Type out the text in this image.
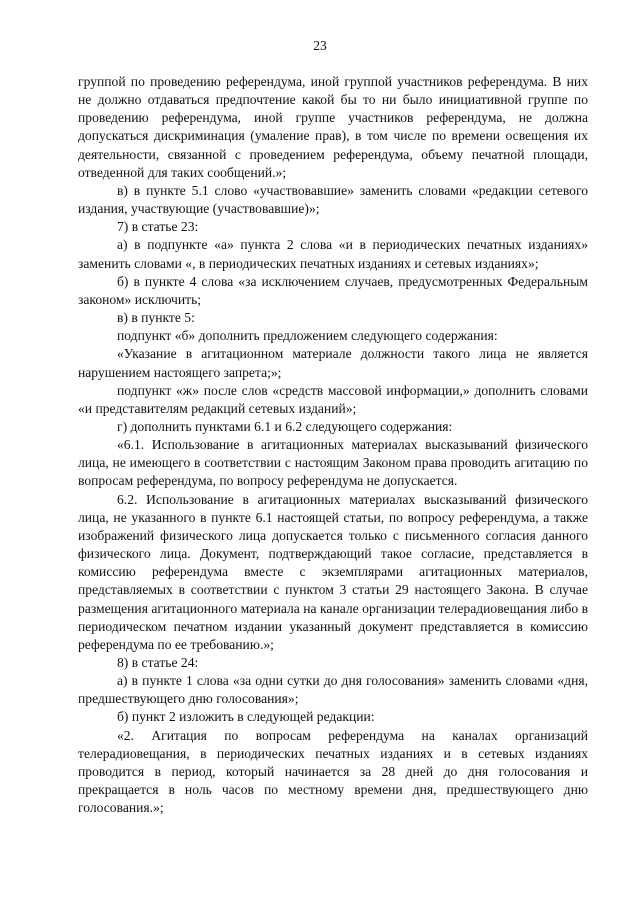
23

группой по проведению референдума, иной группой участников референдума. В них не должно отдаваться предпочтение какой бы то ни было инициативной группе по проведению референдума, иной группе участников референдума, не должна допускаться дискриминация (умаление прав), в том числе по времени освещения их деятельности, связанной с проведением референдума, объему печатной площади, отведенной для таких сообщений.»;

в) в пункте 5.1 слово «участвовавшие» заменить словами «редакции сетевого издания, участвующие (участвовавшие)»;

7) в статье 23:

а) в подпункте «а» пункта 2 слова «и в периодических печатных изданиях» заменить словами «, в периодических печатных изданиях и сетевых изданиях»;

б) в пункте 4 слова «за исключением случаев, предусмотренных Федеральным законом» исключить;

в) в пункте 5:

подпункт «б» дополнить предложением следующего содержания:

«Указание в агитационном материале должности такого лица не является нарушением настоящего запрета;»;

подпункт «ж» после слов «средств массовой информации,» дополнить словами «и представителям редакций сетевых изданий»;

г) дополнить пунктами 6.1 и 6.2 следующего содержания:

«6.1. Использование в агитационных материалах высказываний физического лица, не имеющего в соответствии с настоящим Законом права проводить агитацию по вопросам референдума, по вопросу референдума не допускается.

6.2. Использование в агитационных материалах высказываний физического лица, не указанного в пункте 6.1 настоящей статьи, по вопросу референдума, а также изображений физического лица допускается только с письменного согласия данного физического лица. Документ, подтверждающий такое согласие, представляется в комиссию референдума вместе с экземплярами агитационных материалов, представляемых в соответствии с пунктом 3 статьи 29 настоящего Закона. В случае размещения агитационного материала на канале организации телерадиовещания либо в периодическом печатном издании указанный документ представляется в комиссию референдума по ее требованию.»;

8) в статье 24:

а) в пункте 1 слова «за одни сутки до дня голосования» заменить словами «дня, предшествующего дню голосования»;

б) пункт 2 изложить в следующей редакции:

«2. Агитация по вопросам референдума на каналах организаций телерадиовещания, в периодических печатных изданиях и в сетевых изданиях проводится в период, который начинается за 28 дней до дня голосования и прекращается в ноль часов по местному времени дня, предшествующего дню голосования.»;
